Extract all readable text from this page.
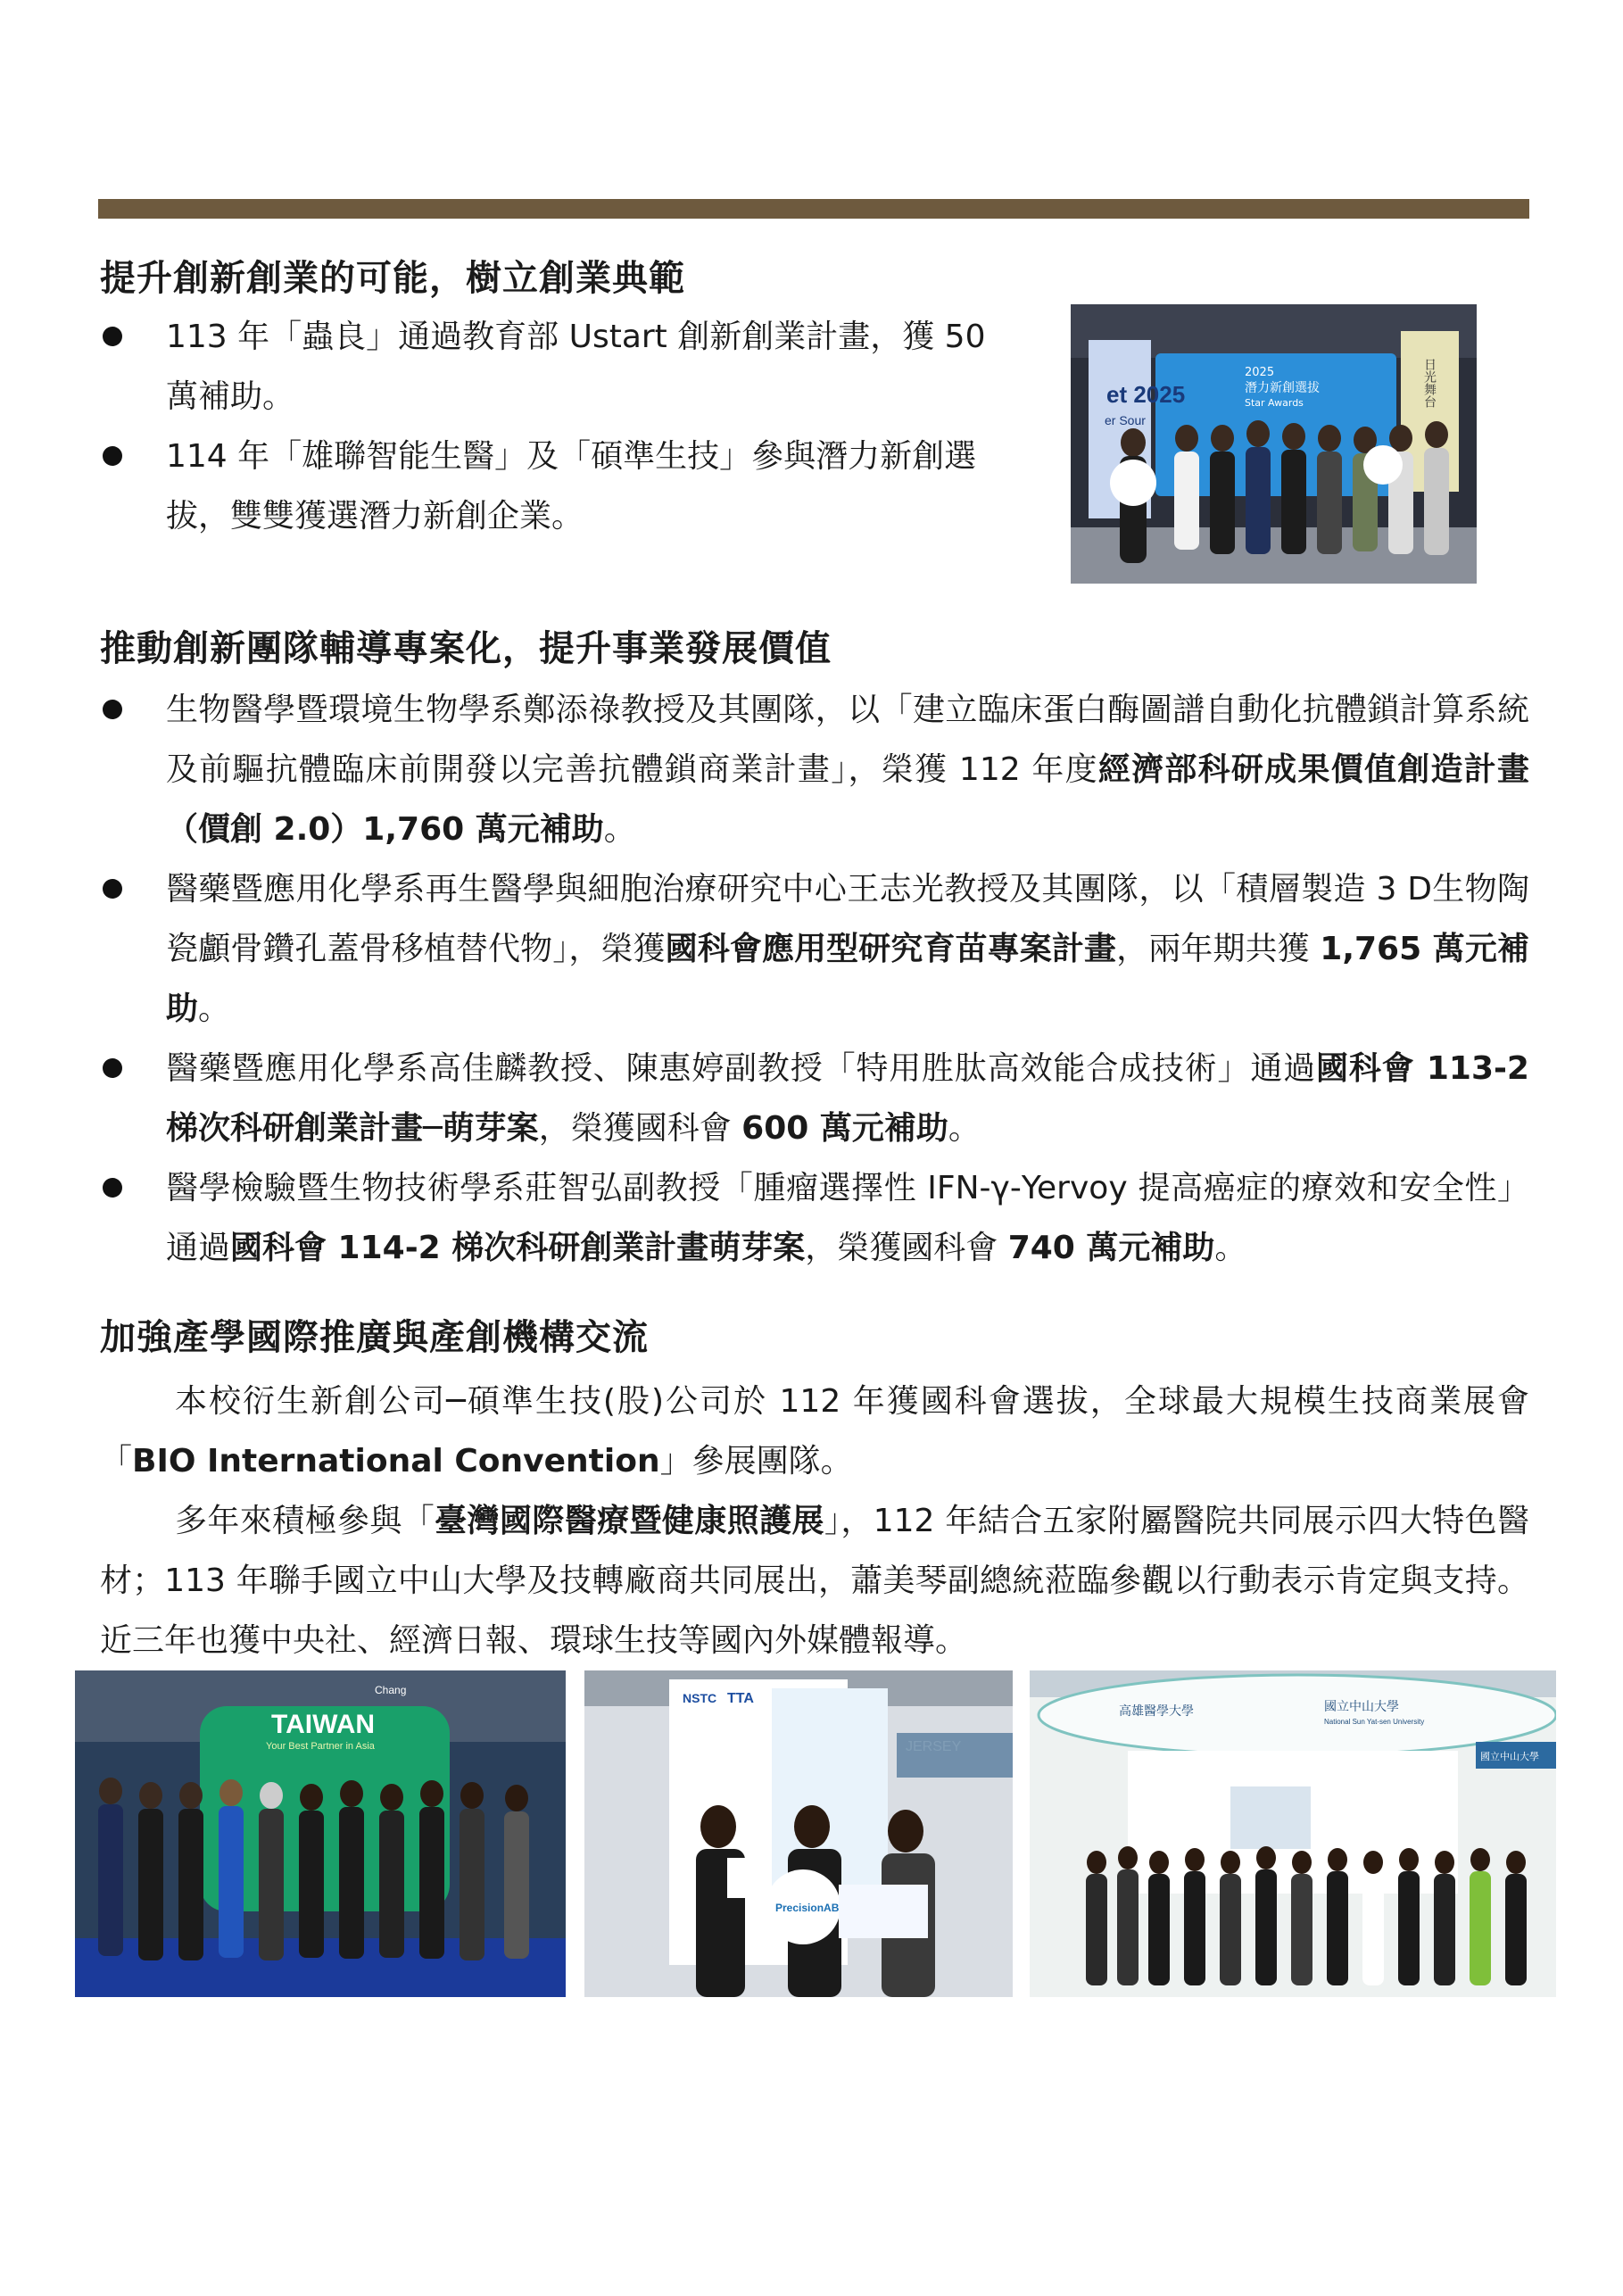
提升創新創業的可能，樹立創業典範
113 年「蟲良」通過教育部 Ustart 創新創業計畫，獲 50 萬補助。
114 年「雄聯智能生醫」及「碩準生技」參與潛力新創選拔，雙雙獲選潛力新創企業。
et 2025
er Sour
2025
潛力新創選拔
Star Awards	日光舞台
推動創新團隊輔導專案化，提升事業發展價值
生物醫學暨環境生物學系鄭添祿教授及其團隊，以「建立臨床蛋白酶圖譜自動化抗體鎖計算系統及前驅抗體臨床前開發以完善抗體鎖商業計畫」，榮獲 112 年度經濟部科研成果價值創造計畫（價創 2.0）1,760 萬元補助。
醫藥暨應用化學系再生醫學與細胞治療研究中心王志光教授及其團隊，以「積層製造 3 D生物陶瓷顱骨鑽孔蓋骨移植替代物」，榮獲國科會應用型研究育苗專案計畫，兩年期共獲 1,765 萬元補助。
醫藥暨應用化學系高佳麟教授、陳惠婷副教授「特用胜肽高效能合成技術」通過國科會 113-2 梯次科研創業計畫─萌芽案，榮獲國科會 600 萬元補助。
醫學檢驗暨生物技術學系莊智弘副教授「腫瘤選擇性 IFN-γ-Yervoy 提高癌症的療效和安全性」通過國科會 114-2 梯次科研創業計畫萌芽案，榮獲國科會 740 萬元補助。
加強產學國際推廣與產創機構交流

本校衍生新創公司─碩準生技(股)公司於 112 年獲國科會選拔，全球最大規模生技商業展會「BIO International Convention」參展團隊。

多年來積極參與「臺灣國際醫療暨健康照護展」，112 年結合五家附屬醫院共同展示四大特色醫材；113 年聯手國立中山大學及技轉廠商共同展出，蕭美琴副總統蒞臨參觀以行動表示肯定與支持。近三年也獲中央社、經濟日報、環球生技等國內外媒體報導。

TAIWAN
Your Best Partner in Asia
Chang
NSTC TTA
PrecisionAB
高雄醫學大學	國立中山大學
National Sun Yat-sen University
國立中山大學
